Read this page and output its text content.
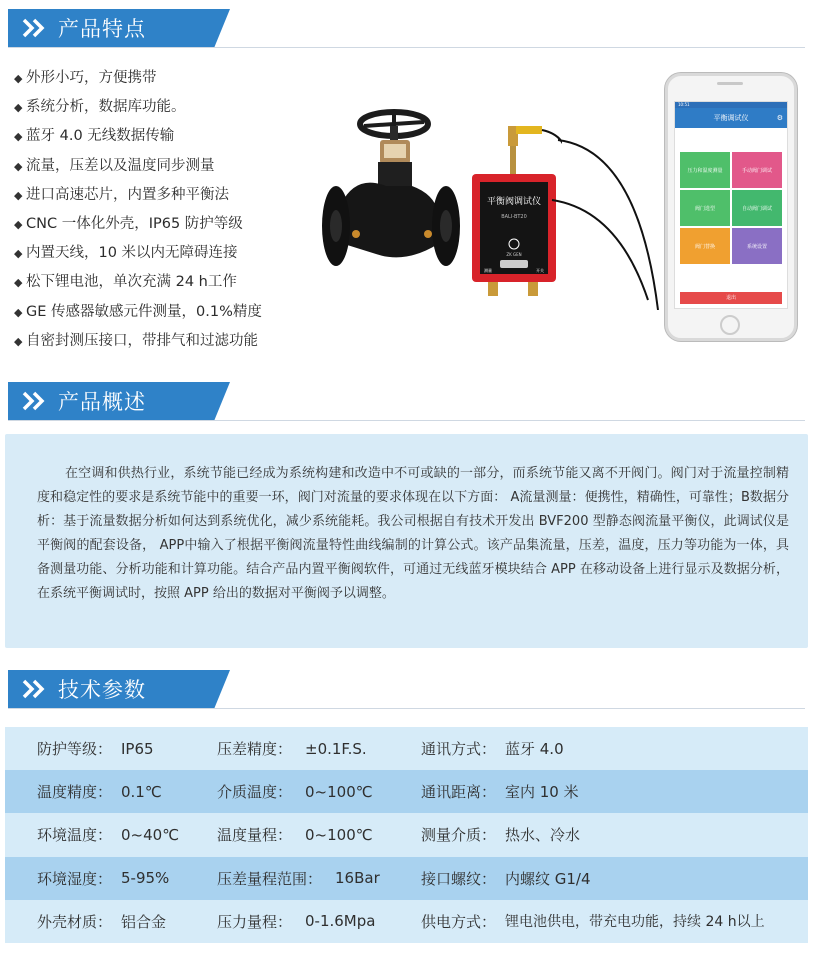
产品特点
◆ 外形小巧，方便携带
◆ 系统分析，数据库功能。
◆ 蓝牙 4.0 无线数据传输
◆ 流量，压差以及温度同步测量
◆ 进口高速芯片，内置多种平衡法
◆ CNC 一体化外壳，IP65 防护等级
◆ 内置天线，10 米以内无障碍连接
◆ 松下锂电池，单次充满 24 h工作
◆ GE 传感器敏感元件测量，0.1%精度
◆ 自密封测压接口，带排气和过滤功能
平衡阀调试仪
BALI-BT20
ZK GEN
测量	开关
10:51
平衡调试仪	⚙
压力和温度测量	手动阀门调试
阀门选型	自动阀门调试
阀门替换	系统设置
退出
产品概述

在空调和供热行业，系统节能已经成为系统构建和改造中不可或缺的一部分，而系统节能又离不开阀门。阀门对于流量控制精度和稳定性的要求是系统节能中的重要一环，阀门对流量的要求体现在以下方面： A流量测量：便携性，精确性，可靠性；B数据分析：基于流量数据分析如何达到系统优化，减少系统能耗。我公司根据自有技术开发出 BVF200 型静态阀流量平衡仪，此调试仪是平衡阀的配套设备， APP中输入了根据平衡阀流量特性曲线编制的计算公式。该产品集流量，压差，温度，压力等功能为一体，具备测量功能、分析功能和计算功能。结合产品内置平衡阀软件，可通过无线蓝牙模块结合 APP 在移动设备上进行显示及数据分析，在系统平衡调试时，按照 APP 给出的数据对平衡阀予以调整。

技术参数
防护等级： IP65	压差精度： ±0.1F.S.	通讯方式： 蓝牙 4.0
温度精度： 0.1℃	介质温度： 0~100℃	通讯距离： 室内 10 米
环境温度： 0~40℃	温度量程： 0~100℃	测量介质： 热水、冷水
环境湿度： 5-95%	压差量程范围： 16Bar	接口螺纹： 内螺纹 G1/4
外壳材质： 铝合金	压力量程： 0-1.6Mpa	供电方式： 锂电池供电，带充电功能，持续 24 h以上
